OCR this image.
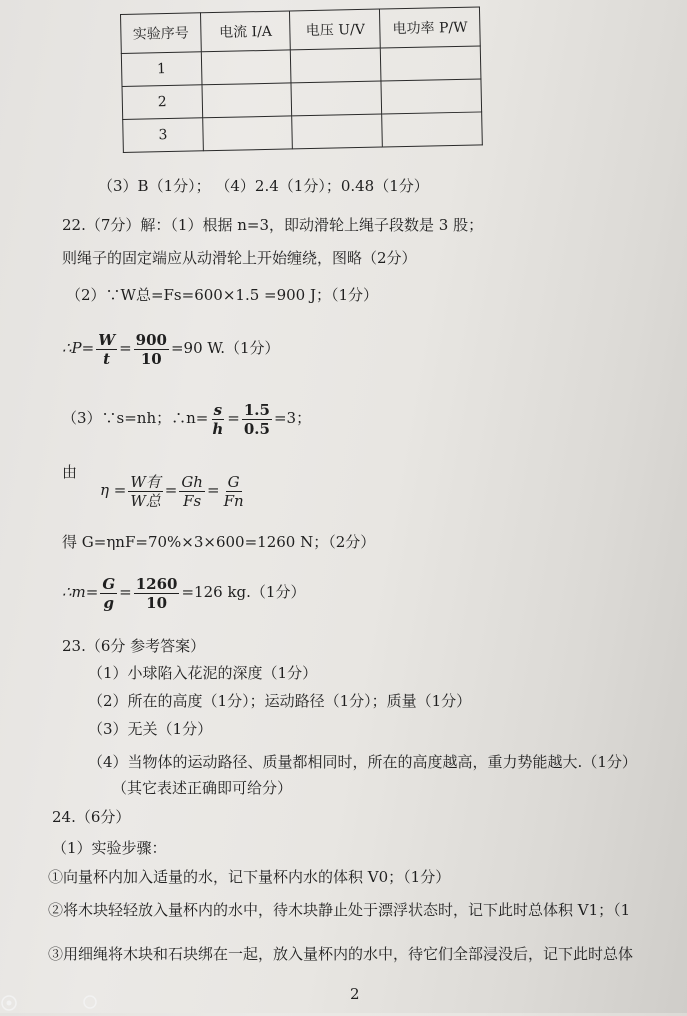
实验序号	电流 I/A	电压 U/V	电功率 P/W
1			
2			
3			
（3）B（1分）； （4）2.4（1分）；0.48（1分）
22.（7分）解：（1）根据 n=3，即动滑轮上绳子段数是 3 股；
则绳子的固定端应从动滑轮上开始缠绕，图略（2分）
（2）∵W总=Fs=600×1.5 =900 J；（1分）
∴P= $\frac{W}{t} = \frac{900}{10} =90$ W.（1分）
（3）∵s=nh；∴n= $\frac{s}{h} = \frac{1.5}{0.5} =3$；
由
$\eta = \frac{\text{W有}}{\text{W总}} = \frac{Gh}{Fs} = \frac{G}{Fn}$
得 G=ηnF=70%×3×600=1260 N；（2分）
∴m= $\frac{G}{g} = \frac{1260}{10} =126$ kg.（1分）
23.（6分 参考答案）
（1）小球陷入花泥的深度（1分）
（2）所在的高度（1分）；运动路径（1分）；质量（1分）
（3）无关（1分）
（4）当物体的运动路径、质量都相同时，所在的高度越高，重力势能越大.（1分）
（其它表述正确即可给分）
24.（6分）
（1）实验步骤：
①向量杯内加入适量的水，记下量杯内水的体积 V0；（1分）
②将木块轻轻放入量杯内的水中，待木块静止处于漂浮状态时，记下此时总体积 V1；（1
③用细绳将木块和石块绑在一起，放入量杯内的水中，待它们全部浸没后，记下此时总体
2
